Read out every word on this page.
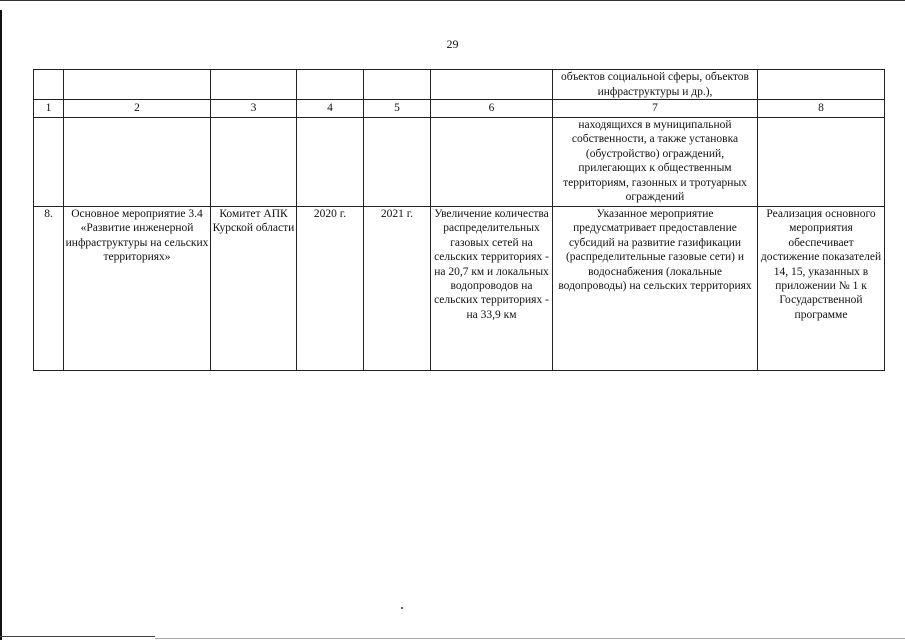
29
						объектов социальной сферы, объектов инфраструктуры и др.),	
1	2	3	4	5	6	7	8
						находящихся в муниципальной собственности, а также установка (обустройство) ограждений, прилегающих к общественным территориям, газонных и тротуарных ограждений	
8.	Основное мероприятие 3.4 «Развитие инженерной инфраструктуры на сельских территориях»	Комитет АПК Курской области	2020 г.	2021 г.	Увеличение количества распределительных газовых сетей на сельских территориях - на 20,7 км и локальных водопроводов на сельских территориях - на 33,9 км	Указанное мероприятие предусматривает предоставление субсидий на развитие газификации (распределительные газовые сети) и водоснабжения (локальные водопроводы) на сельских территориях	Реализация основного мероприятия обеспечивает достижение показателей 14, 15, указанных в приложении № 1 к Государственной программе
